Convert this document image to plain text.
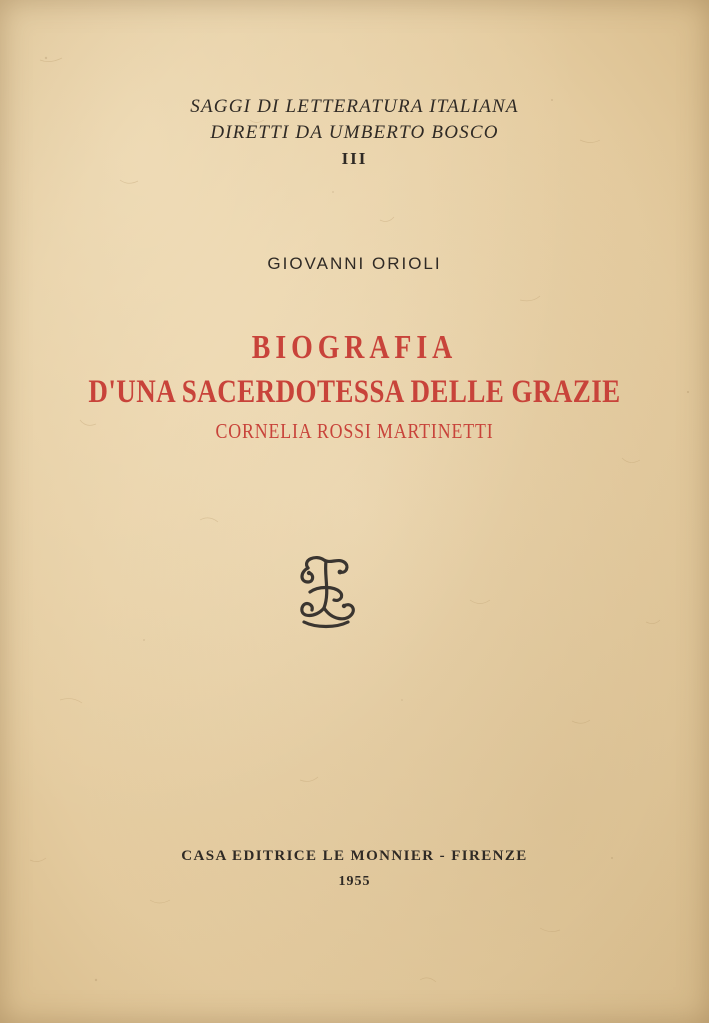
SAGGI DI LETTERATURA ITALIANA
DIRETTI DA UMBERTO BOSCO
III
GIOVANNI ORIOLI
BIOGRAFIA
D'UNA SACERDOTESSA DELLE GRAZIE
CORNELIA ROSSI MARTINETTI
CASA EDITRICE LE MONNIER - FIRENZE
1955
